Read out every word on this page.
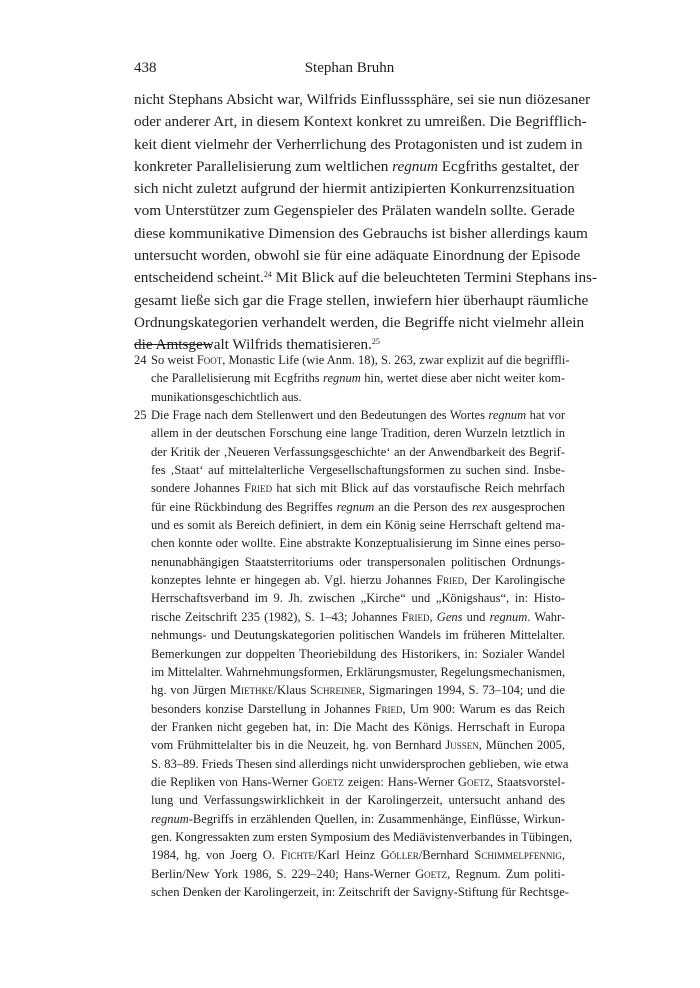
438	Stephan Bruhn
nicht Stephans Absicht war, Wilfrids Einflusssphäre, sei sie nun diözesaner
oder anderer Art, in diesem Kontext konkret zu umreißen. Die Begrifflich-
keit dient vielmehr der Verherrlichung des Protagonisten und ist zudem in
konkreter Parallelisierung zum weltlichen regnum Ecgfriths gestaltet, der
sich nicht zuletzt aufgrund der hiermit antizipierten Konkurrenzsituation
vom Unterstützer zum Gegenspieler des Prälaten wandeln sollte. Gerade
diese kommunikative Dimension des Gebrauchs ist bisher allerdings kaum
untersucht worden, obwohl sie für eine adäquate Einordnung der Episode
entscheidend scheint.$^{24}$ Mit Blick auf die beleuchteten Termini Stephans ins-
gesamt ließe sich gar die Frage stellen, inwiefern hier überhaupt räumliche
Ordnungskategorien verhandelt werden, die Begriffe nicht vielmehr allein
die Amtsgewalt Wilfrids thematisieren.$^{25}$
24 So weist Foot, Monastic Life (wie Anm. 18), S. 263, zwar explizit auf die begriffli-
che Parallelisierung mit Ecgfriths regnum hin, wertet diese aber nicht weiter kom-
munikationsgeschichtlich aus.
25 Die Frage nach dem Stellenwert und den Bedeutungen des Wortes regnum hat vor
allem in der deutschen Forschung eine lange Tradition, deren Wurzeln letztlich in
der Kritik der ‚Neueren Verfassungsgeschichte‘ an der Anwendbarkeit des Begrif-
fes ‚Staat‘ auf mittelalterliche Vergesellschaftungsformen zu suchen sind. Insbe-
sondere Johannes Fried hat sich mit Blick auf das vorstaufische Reich mehrfach
für eine Rückbindung des Begriffes regnum an die Person des rex ausgesprochen
und es somit als Bereich definiert, in dem ein König seine Herrschaft geltend ma-
chen konnte oder wollte. Eine abstrakte Konzeptualisierung im Sinne eines perso-
nenunabhängigen Staatsterritoriums oder transpersonalen politischen Ordnungs-
konzeptes lehnte er hingegen ab. Vgl. hierzu Johannes Fried, Der Karolingische
Herrschaftsverband im 9. Jh. zwischen „Kirche“ und „Königshaus“, in: Histo-
rische Zeitschrift 235 (1982), S. 1–43; Johannes Fried, Gens und regnum. Wahr-
nehmungs- und Deutungskategorien politischen Wandels im früheren Mittelalter.
Bemerkungen zur doppelten Theoriebildung des Historikers, in: Sozialer Wandel
im Mittelalter. Wahrnehmungsformen, Erklärungsmuster, Regelungsmechanismen,
hg. von Jürgen Miethke/Klaus Schreiner, Sigmaringen 1994, S. 73–104; und die
besonders konzise Darstellung in Johannes Fried, Um 900: Warum es das Reich
der Franken nicht gegeben hat, in: Die Macht des Königs. Herrschaft in Europa
vom Frühmittelalter bis in die Neuzeit, hg. von Bernhard Jussen, München 2005,
S. 83–89. Frieds Thesen sind allerdings nicht unwidersprochen geblieben, wie etwa
die Repliken von Hans-Werner Goetz zeigen: Hans-Werner Goetz, Staatsvorstel-
lung und Verfassungswirklichkeit in der Karolingerzeit, untersucht anhand des
regnum-Begriffs in erzählenden Quellen, in: Zusammenhänge, Einflüsse, Wirkun-
gen. Kongressakten zum ersten Symposium des Mediävistenverbandes in Tübingen,
1984, hg. von Joerg O. Fichte/Karl Heinz Göller/Bernhard Schimmelpfennig,
Berlin/New York 1986, S. 229–240; Hans-Werner Goetz, Regnum. Zum politi-
schen Denken der Karolingerzeit, in: Zeitschrift der Savigny-Stiftung für Rechtsge-
